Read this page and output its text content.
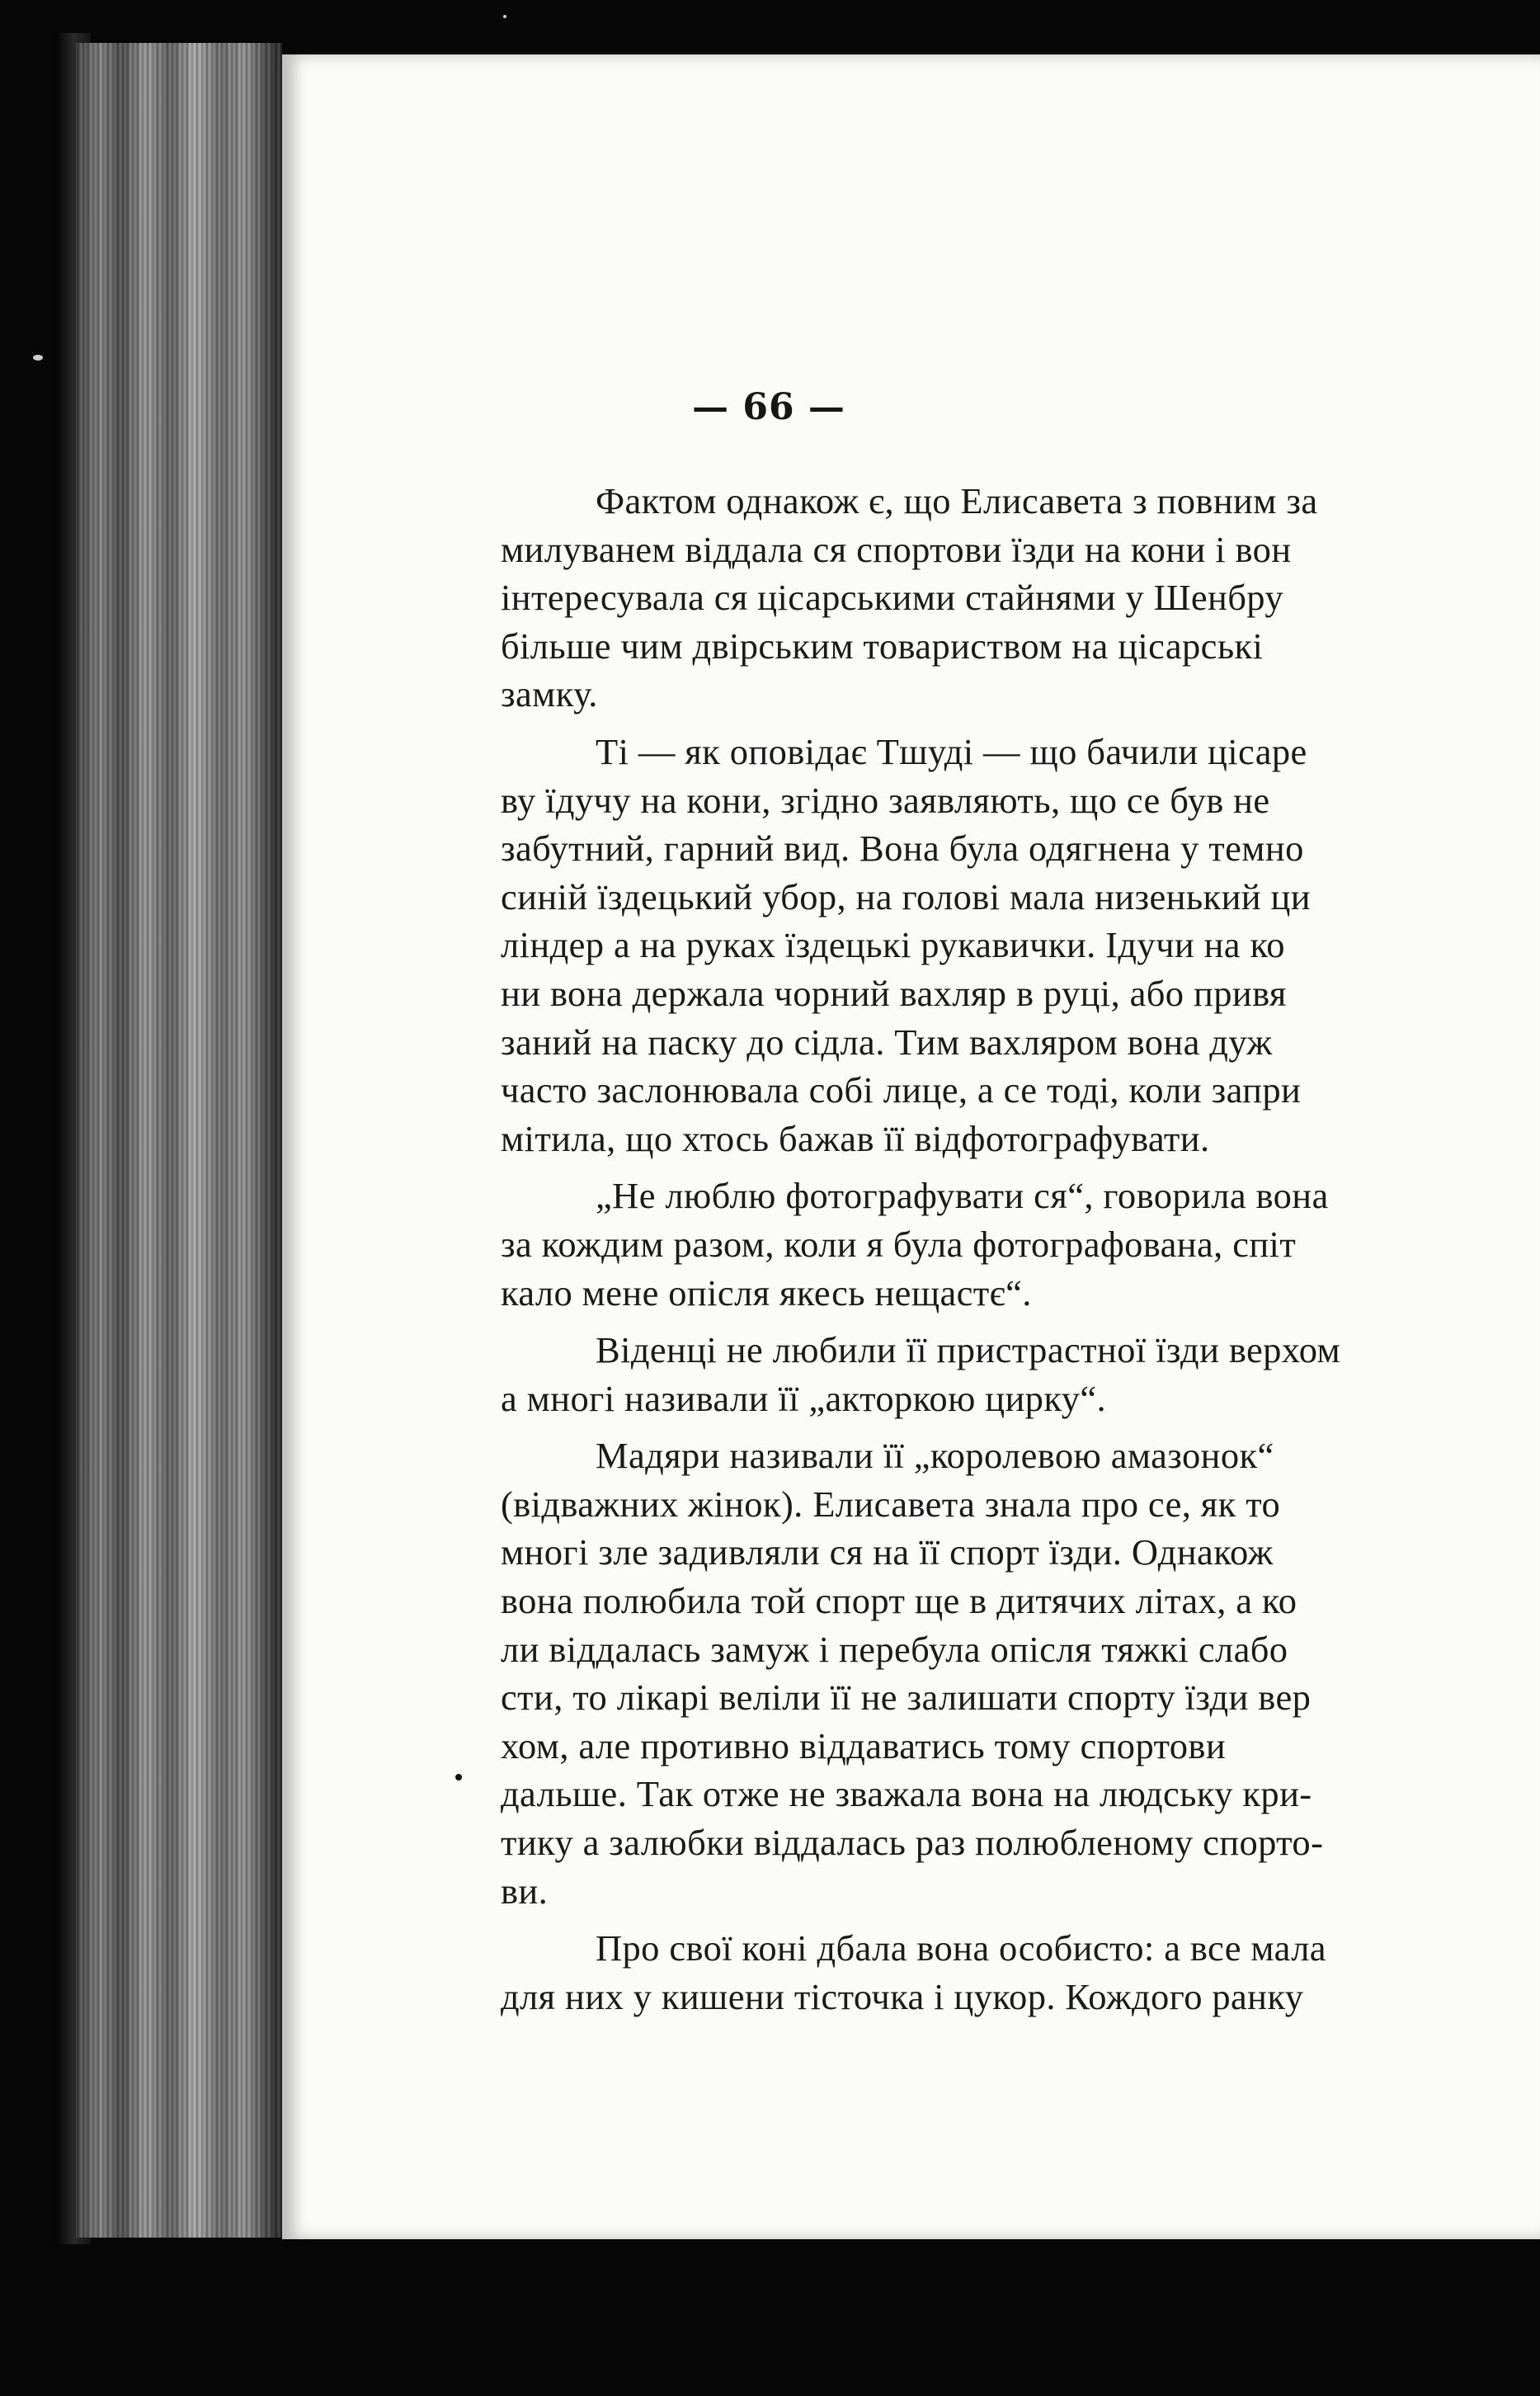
— 66 —
Фактом однакож є, що Елисавета з повним за
милуванем віддала ся спортови їзди на кони і вон
інтересувала ся цісарськими стайнями у Шенбру
більше чим двірським товариством на цісарські
замку.
Ті — як оповідає Тшуді — що бачили цісаре
ву їдучу на кони, згідно заявляють, що се був не
забутний, гарний вид. Вона була одягнена у темно
синій їздецький убор, на голові мала низенький ци
ліндер а на руках їздецькі рукавички. Ідучи на ко
ни вона держала чорний вахляр в руці, або привя
заний на паску до сідла. Тим вахляром вона дуж
часто заслонювала собі лице, а се тоді, коли запри
мітила, що хтось бажав її відфотографувати.
„Не люблю фотографувати ся“, говорила вона
за кождим разом, коли я була фотографована, спіт
кало мене опісля якесь нещастє“.
Віденці не любили її пристрастної їзди верхом
а многі називали її „акторкою цирку“.
Мадяри називали її „королевою амазонок“
(відважних жінок). Елисавета знала про се, як то
многі зле задивляли ся на її спорт їзди. Однакож
вона полюбила той спорт ще в дитячих літах, а ко
ли віддалась замуж і перебула опісля тяжкі слабо
сти, то лікарі веліли її не залишати спорту їзди вер
хом, але противно віддаватись тому спортови
дальше. Так отже не зважала вона на людську кри-
тику а залюбки віддалась раз полюбленому спорто-
ви.
Про свої коні дбала вона особисто: а все мала
для них у кишени тісточка і цукор. Кождого ранку
